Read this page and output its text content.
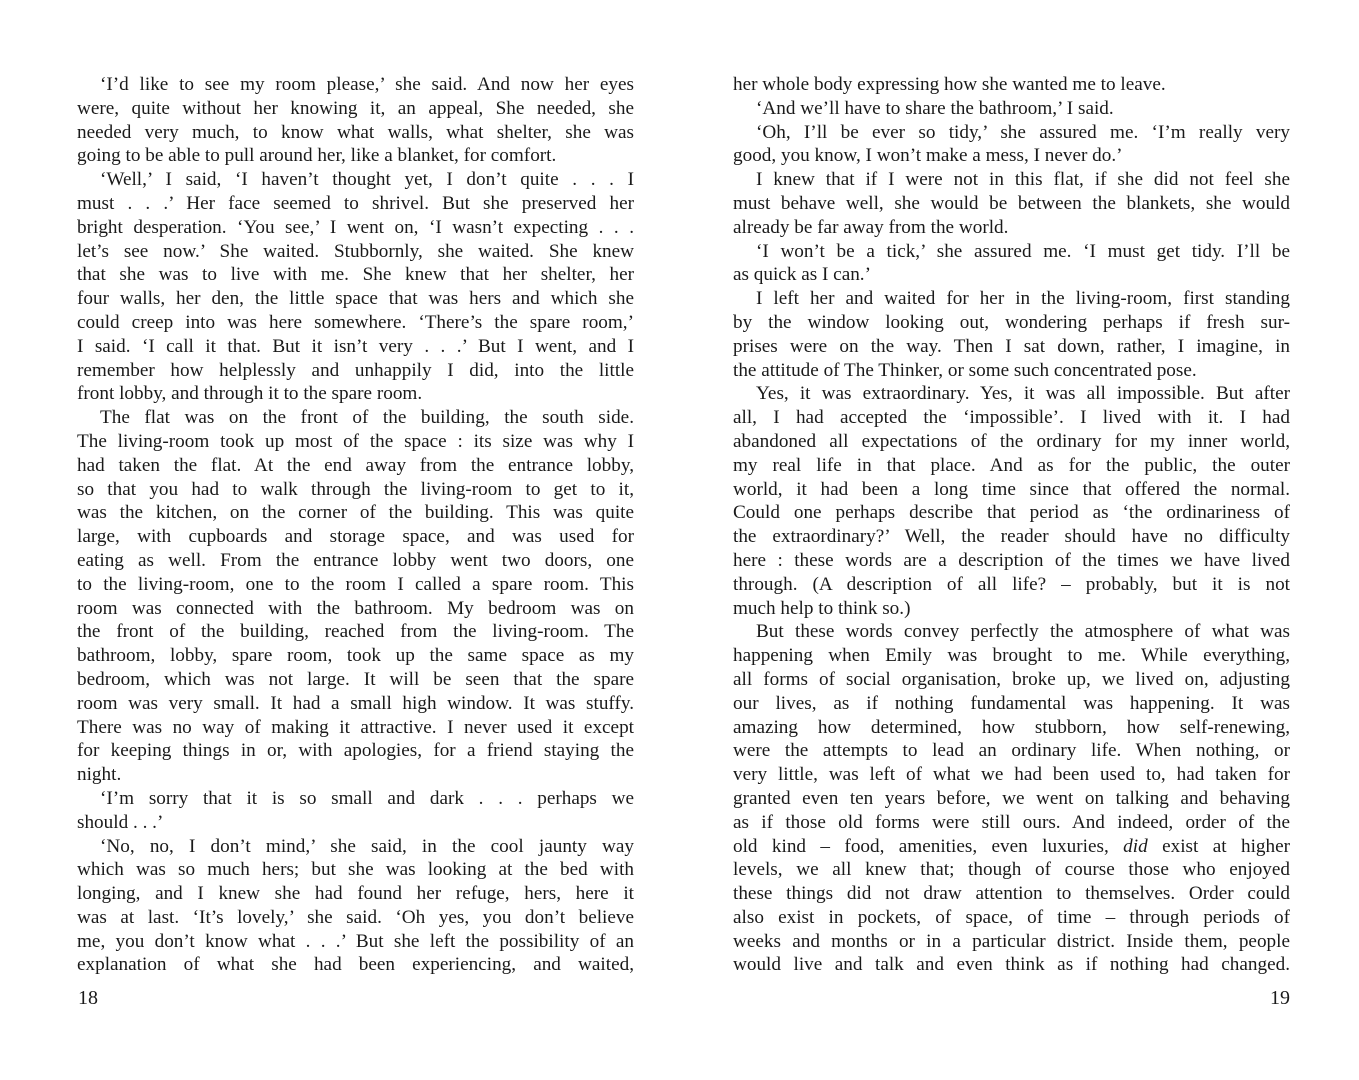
‘I’d like to see my room please,’ she said. And now her eyes
were, quite without her knowing it, an appeal, She needed, she
needed very much, to know what walls, what shelter, she was
going to be able to pull around her, like a blanket, for comfort.
‘Well,’ I said, ‘I haven’t thought yet, I don’t quite . . . I
must . . .’ Her face seemed to shrivel. But she preserved her
bright desperation. ‘You see,’ I went on, ‘I wasn’t expecting . . .
let’s see now.’ She waited. Stubbornly, she waited. She knew
that she was to live with me. She knew that her shelter, her
four walls, her den, the little space that was hers and which she
could creep into was here somewhere. ‘There’s the spare room,’
I said. ‘I call it that. But it isn’t very . . .’ But I went, and I
remember how helplessly and unhappily I did, into the little
front lobby, and through it to the spare room.
The flat was on the front of the building, the south side.
The living-room took up most of the space : its size was why I
had taken the flat. At the end away from the entrance lobby,
so that you had to walk through the living-room to get to it,
was the kitchen, on the corner of the building. This was quite
large, with cupboards and storage space, and was used for
eating as well. From the entrance lobby went two doors, one
to the living-room, one to the room I called a spare room. This
room was connected with the bathroom. My bedroom was on
the front of the building, reached from the living-room. The
bathroom, lobby, spare room, took up the same space as my
bedroom, which was not large. It will be seen that the spare
room was very small. It had a small high window. It was stuffy.
There was no way of making it attractive. I never used it except
for keeping things in or, with apologies, for a friend staying the
night.
‘I’m sorry that it is so small and dark . . . perhaps we
should . . .’
‘No, no, I don’t mind,’ she said, in the cool jaunty way
which was so much hers; but she was looking at the bed with
longing, and I knew she had found her refuge, hers, here it
was at last. ‘It’s lovely,’ she said. ‘Oh yes, you don’t believe
me, you don’t know what . . .’ But she left the possibility of an
explanation of what she had been experiencing, and waited,
her whole body expressing how she wanted me to leave.
‘And we’ll have to share the bathroom,’ I said.
‘Oh, I’ll be ever so tidy,’ she assured me. ‘I’m really very
good, you know, I won’t make a mess, I never do.’
I knew that if I were not in this flat, if she did not feel she
must behave well, she would be between the blankets, she would
already be far away from the world.
‘I won’t be a tick,’ she assured me. ‘I must get tidy. I’ll be
as quick as I can.’
I left her and waited for her in the living-room, first standing
by the window looking out, wondering perhaps if fresh sur-
prises were on the way. Then I sat down, rather, I imagine, in
the attitude of The Thinker, or some such concentrated pose.
Yes, it was extraordinary. Yes, it was all impossible. But after
all, I had accepted the ‘impossible’. I lived with it. I had
abandoned all expectations of the ordinary for my inner world,
my real life in that place. And as for the public, the outer
world, it had been a long time since that offered the normal.
Could one perhaps describe that period as ‘the ordinariness of
the extraordinary?’ Well, the reader should have no difficulty
here : these words are a description of the times we have lived
through. (A description of all life? – probably, but it is not
much help to think so.)
But these words convey perfectly the atmosphere of what was
happening when Emily was brought to me. While everything,
all forms of social organisation, broke up, we lived on, adjusting
our lives, as if nothing fundamental was happening. It was
amazing how determined, how stubborn, how self-renewing,
were the attempts to lead an ordinary life. When nothing, or
very little, was left of what we had been used to, had taken for
granted even ten years before, we went on talking and behaving
as if those old forms were still ours. And indeed, order of the
old kind – food, amenities, even luxuries, did exist at higher
levels, we all knew that; though of course those who enjoyed
these things did not draw attention to themselves. Order could
also exist in pockets, of space, of time – through periods of
weeks and months or in a particular district. Inside them, people
would live and talk and even think as if nothing had changed.
18	19
